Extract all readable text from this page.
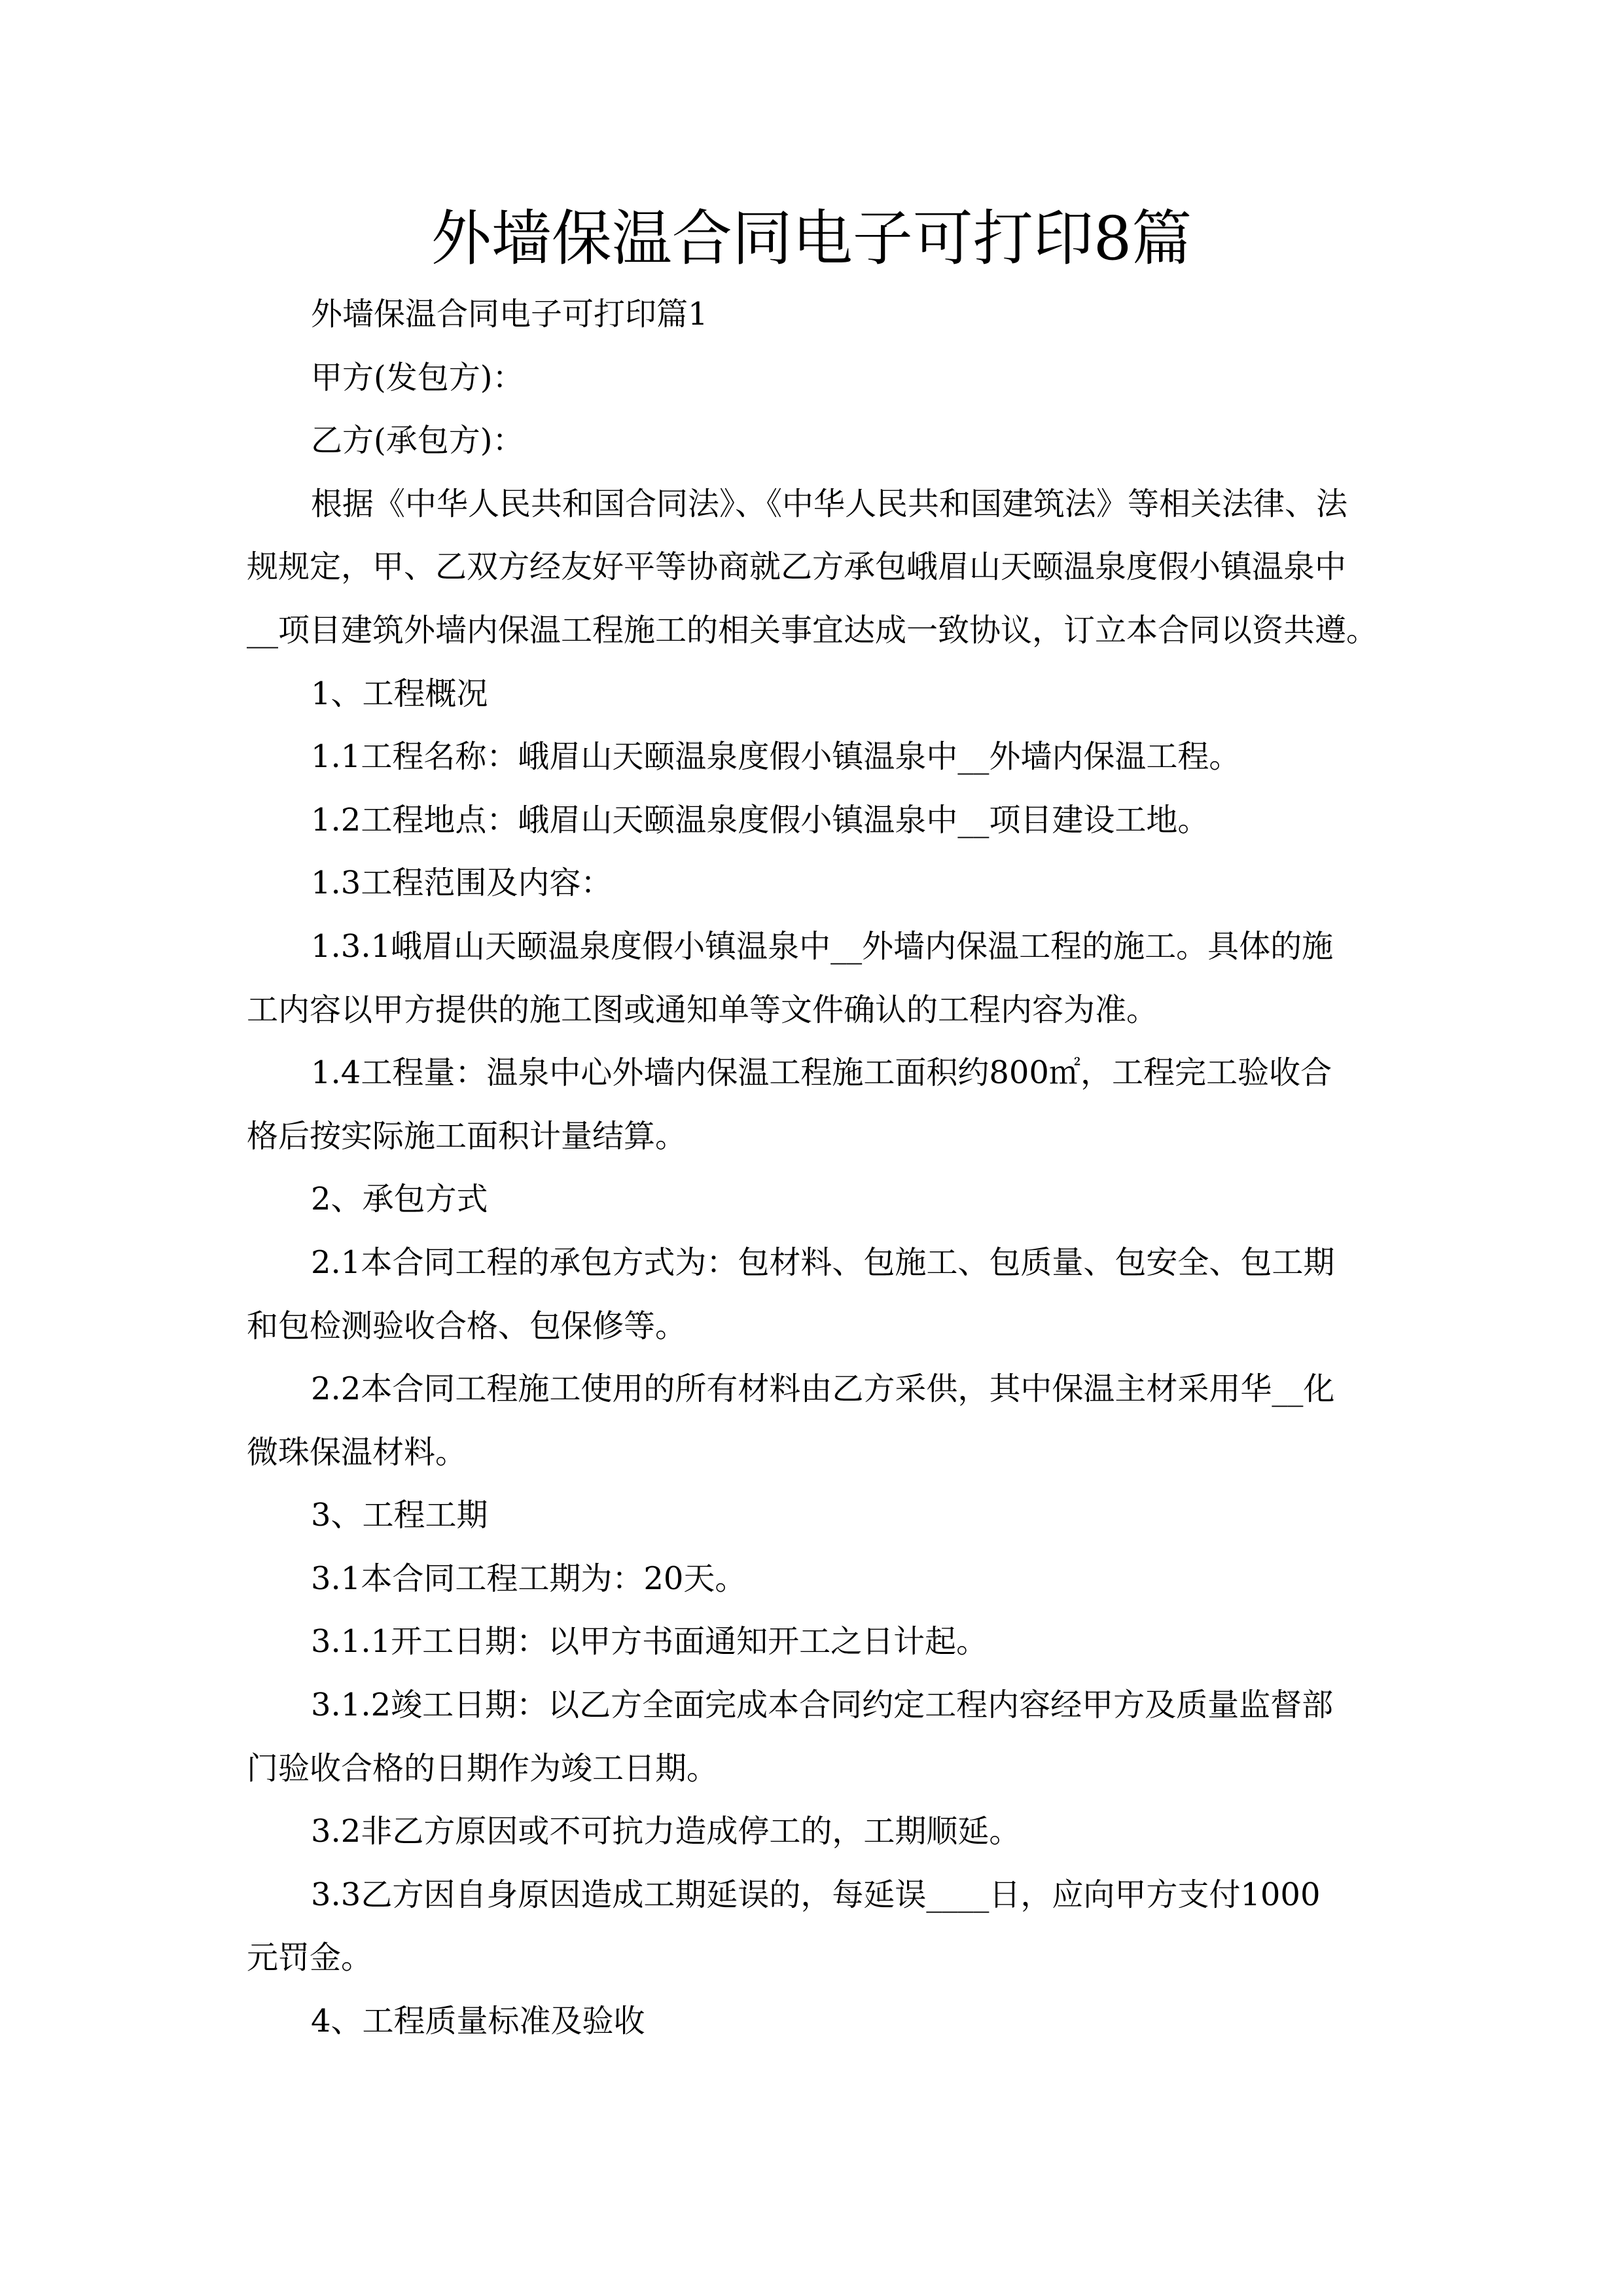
外墙保温合同电子可打印8篇

外墙保温合同电子可打印篇1

甲方(发包方)：

乙方(承包方)：

根据《中华人民共和国合同法》、《中华人民共和国建筑法》等相关法律、法
规规定，甲、乙双方经友好平等协商就乙方承包峨眉山天颐温泉度假小镇温泉中
__项目建筑外墙内保温工程施工的相关事宜达成一致协议，订立本合同以资共遵。

1、工程概况

1.1工程名称：峨眉山天颐温泉度假小镇温泉中__外墙内保温工程。

1.2工程地点：峨眉山天颐温泉度假小镇温泉中__项目建设工地。

1.3工程范围及内容：

1.3.1峨眉山天颐温泉度假小镇温泉中__外墙内保温工程的施工。具体的施
工内容以甲方提供的施工图或通知单等文件确认的工程内容为准。

1.4工程量：温泉中心外墙内保温工程施工面积约800㎡，工程完工验收合
格后按实际施工面积计量结算。

2、承包方式

2.1本合同工程的承包方式为：包材料、包施工、包质量、包安全、包工期
和包检测验收合格、包保修等。

2.2本合同工程施工使用的所有材料由乙方采供，其中保温主材采用华__化
微珠保温材料。

3、工程工期

3.1本合同工程工期为：20天。

3.1.1开工日期：以甲方书面通知开工之日计起。

3.1.2竣工日期：以乙方全面完成本合同约定工程内容经甲方及质量监督部
门验收合格的日期作为竣工日期。

3.2非乙方原因或不可抗力造成停工的，工期顺延。

3.3乙方因自身原因造成工期延误的，每延误____日，应向甲方支付1000
元罚金。

4、工程质量标准及验收
